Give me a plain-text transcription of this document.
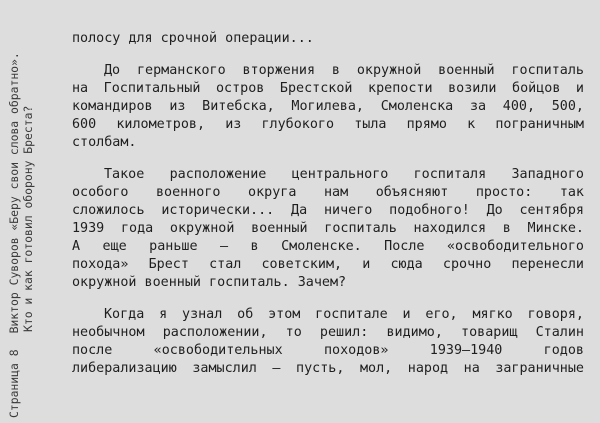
Страница 8Виктор Суворов «Беру свои слова обратно». Кто и как готовил оборону Бреста?
полосу для срочной операции...
До германского вторжения в окружной военный госпиталь
на Госпитальный остров Брестской крепости возили бойцов и
командиров из Витебска, Могилева, Смоленска за 400, 500,
600 километров, из глубокого тыла прямо к пограничным
столбам.
Такое расположение центрального госпиталя Западного
особого военного округа нам объясняют просто: так
сложилось исторически... Да ничего подобного! До сентября
1939 года окружной военный госпиталь находился в Минске.
А еще раньше – в Смоленске. После «освободительного
похода» Брест стал советским, и сюда срочно перенесли
окружной военный госпиталь. Зачем?
Когда я узнал об этом госпитале и его, мягко говоря,
необычном расположении, то решил: видимо, товарищ Сталин
после «освободительных походов» 1939–1940 годов
либерализацию замыслил – пусть, мол, народ на заграничные
